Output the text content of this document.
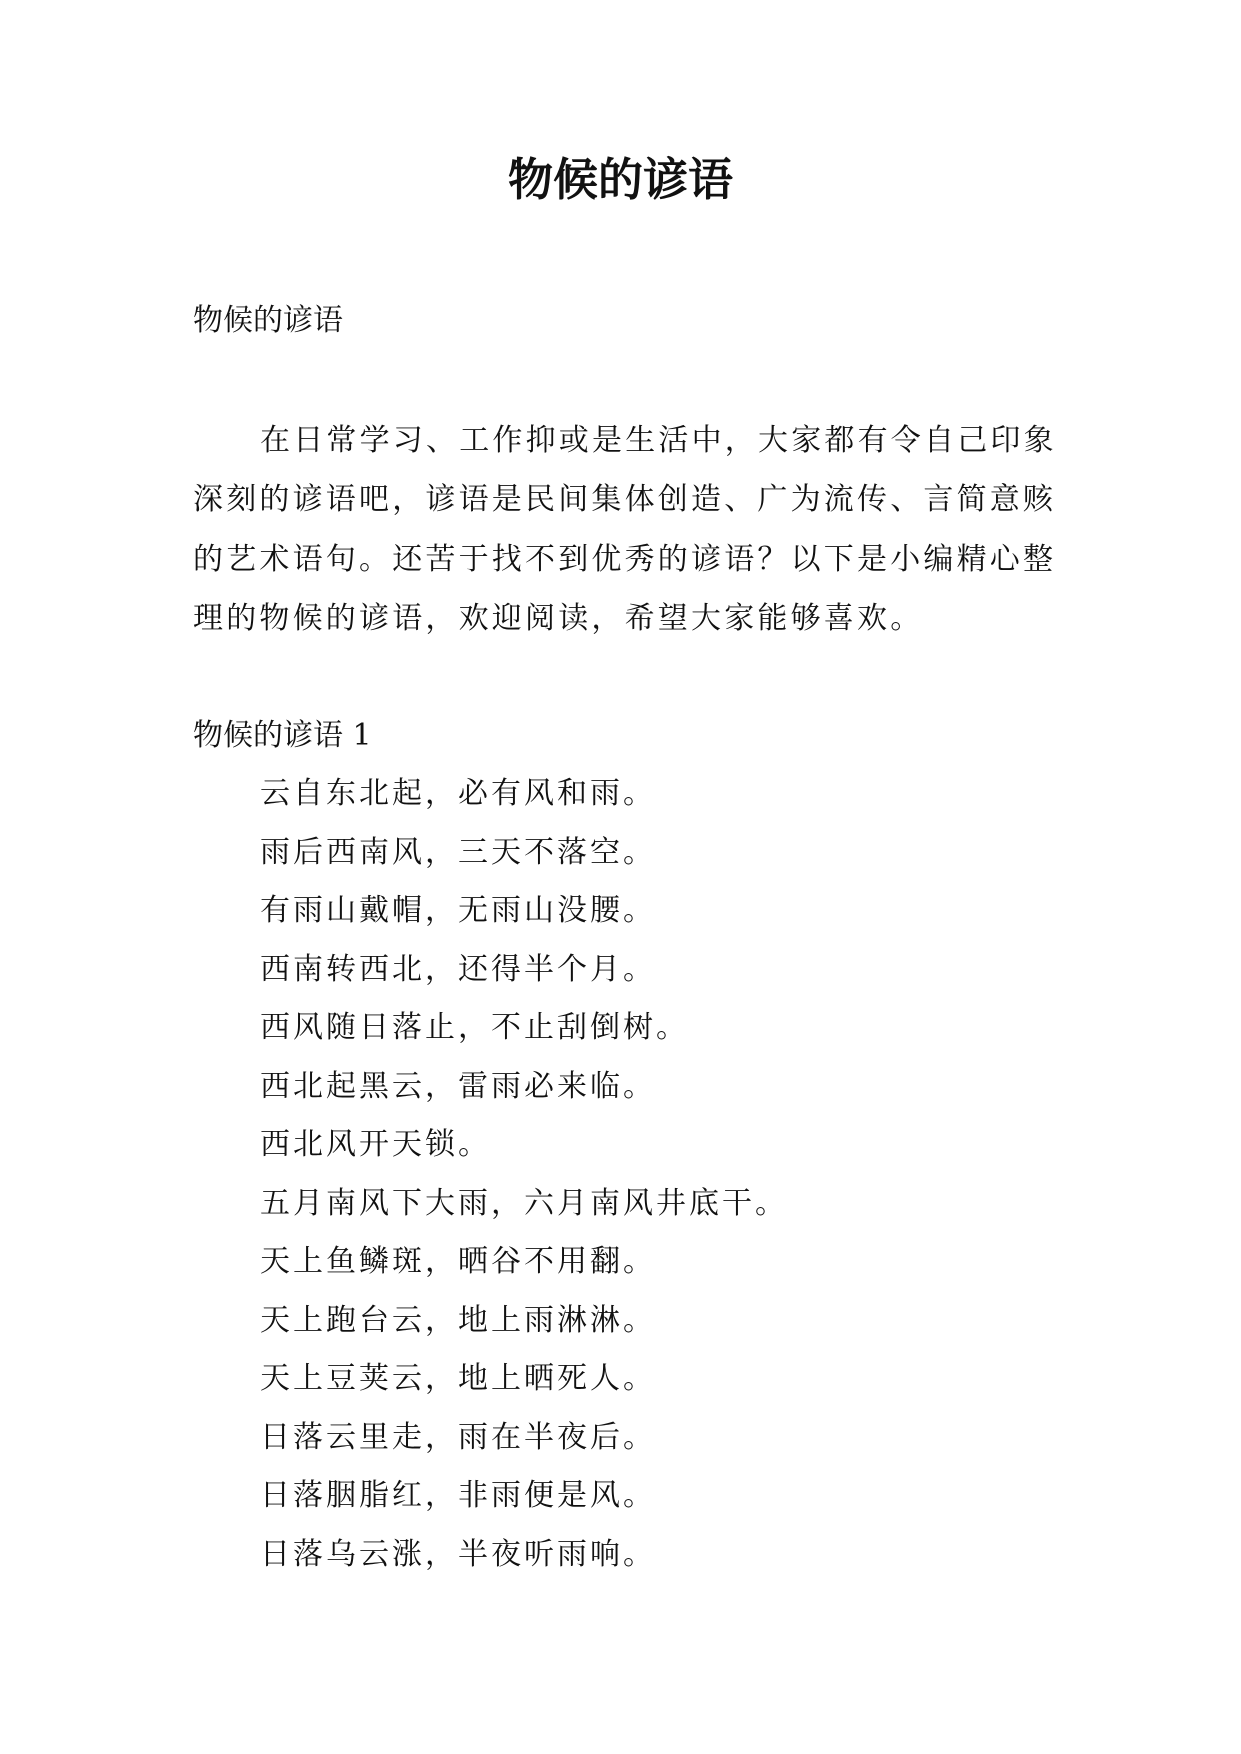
物候的谚语

物候的谚语

在日常学习、工作抑或是生活中，大家都有令自己印象深刻的谚语吧，谚语是民间集体创造、广为流传、言简意赅的艺术语句。还苦于找不到优秀的谚语？以下是小编精心整理的物候的谚语，欢迎阅读，希望大家能够喜欢。

物候的谚语 1

云自东北起，必有风和雨。
雨后西南风，三天不落空。
有雨山戴帽，无雨山没腰。
西南转西北，还得半个月。
西风随日落止，不止刮倒树。
西北起黑云，雷雨必来临。
西北风开天锁。
五月南风下大雨，六月南风井底干。
天上鱼鳞斑，晒谷不用翻。
天上跑台云，地上雨淋淋。
天上豆荚云，地上晒死人。
日落云里走，雨在半夜后。
日落胭脂红，非雨便是风。
日落乌云涨，半夜听雨响。
